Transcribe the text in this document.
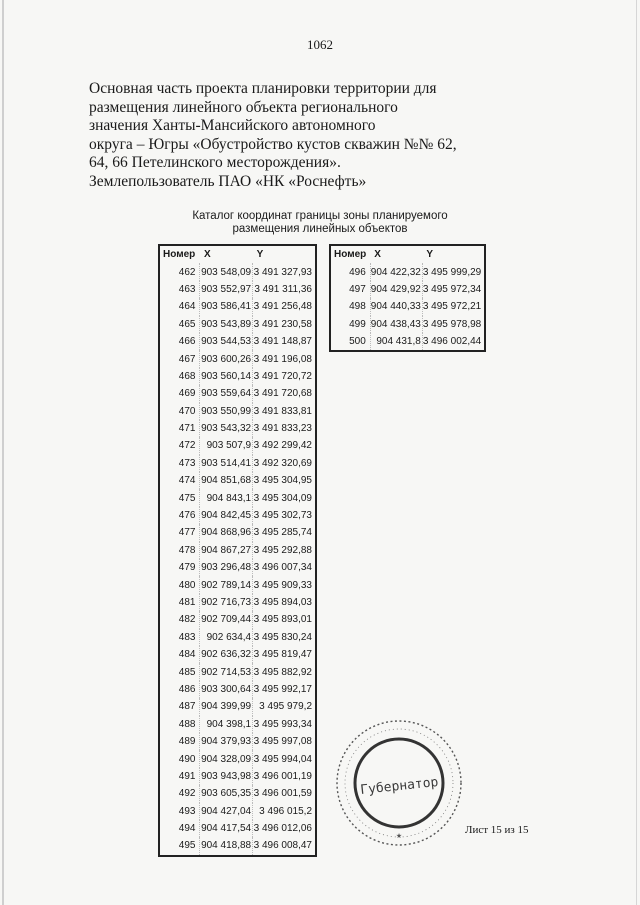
1062
Основная часть проекта планировки территории для
размещения линейного объекта регионального
значения Ханты-Мансийского автономного
округа – Югры «Обустройство кустов скважин №№ 62,
64, 66 Петелинского месторождения».
Землепользователь ПАО «НК «Роснефть»
Каталог координат границы зоны планируемого
размещения линейных объектов
Номер	X	Y
462	903 548,09	3 491 327,93
463	903 552,97	3 491 311,36
464	903 586,41	3 491 256,48
465	903 543,89	3 491 230,58
466	903 544,53	3 491 148,87
467	903 600,26	3 491 196,08
468	903 560,14	3 491 720,72
469	903 559,64	3 491 720,68
470	903 550,99	3 491 833,81
471	903 543,32	3 491 833,23
472	903 507,9	3 492 299,42
473	903 514,41	3 492 320,69
474	904 851,68	3 495 304,95
475	904 843,1	3 495 304,09
476	904 842,45	3 495 302,73
477	904 868,96	3 495 285,74
478	904 867,27	3 495 292,88
479	903 296,48	3 496 007,34
480	902 789,14	3 495 909,33
481	902 716,73	3 495 894,03
482	902 709,44	3 495 893,01
483	902 634,4	3 495 830,24
484	902 636,32	3 495 819,47
485	902 714,53	3 495 882,92
486	903 300,64	3 495 992,17
487	904 399,99	3 495 979,2
488	904 398,1	3 495 993,34
489	904 379,93	3 495 997,08
490	904 328,09	3 495 994,04
491	903 943,98	3 496 001,19
492	903 605,35	3 496 001,59
493	904 427,04	3 496 015,2
494	904 417,54	3 496 012,06
495	904 418,88	3 496 008,47
Номер	X	Y
496	904 422,32	3 495 999,29
497	904 429,92	3 495 972,34
498	904 440,33	3 495 972,21
499	904 438,43	3 495 978,98
500	904 431,8	3 496 002,44
Губернатор
★	Лист 15 из 15
